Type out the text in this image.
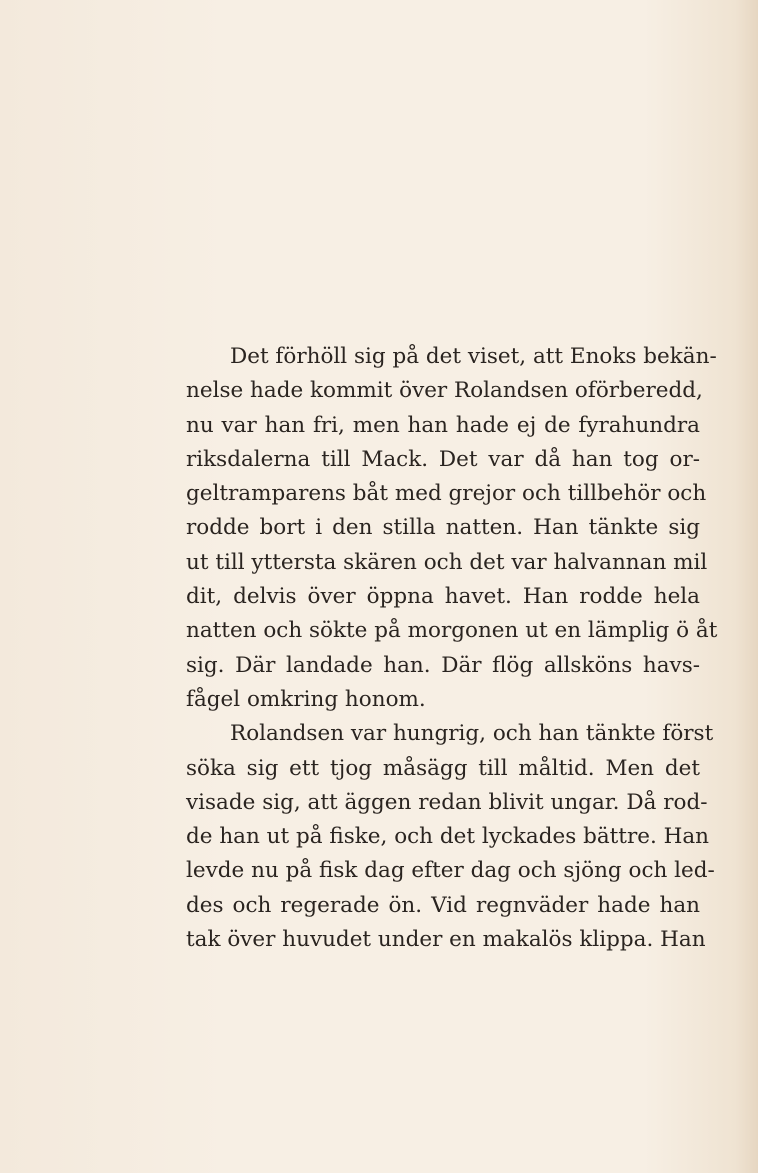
Det förhöll sig på det viset, att Enoks bekän-
nelse hade kommit över Rolandsen oförberedd,
nu var han fri, men han hade ej de fyrahundra
riksdalerna till Mack. Det var då han tog or-
geltramparens båt med grejor och tillbehör och
rodde bort i den stilla natten. Han tänkte sig
ut till yttersta skären och det var halvannan mil
dit, delvis över öppna havet. Han rodde hela
natten och sökte på morgonen ut en lämplig ö åt
sig. Där landade han. Där flög allsköns havs-
fågel omkring honom.
Rolandsen var hungrig, och han tänkte först
söka sig ett tjog måsägg till måltid. Men det
visade sig, att äggen redan blivit ungar. Då rod-
de han ut på fiske, och det lyckades bättre. Han
levde nu på fisk dag efter dag och sjöng och led-
des och regerade ön. Vid regnväder hade han
tak över huvudet under en makalös klippa. Han
